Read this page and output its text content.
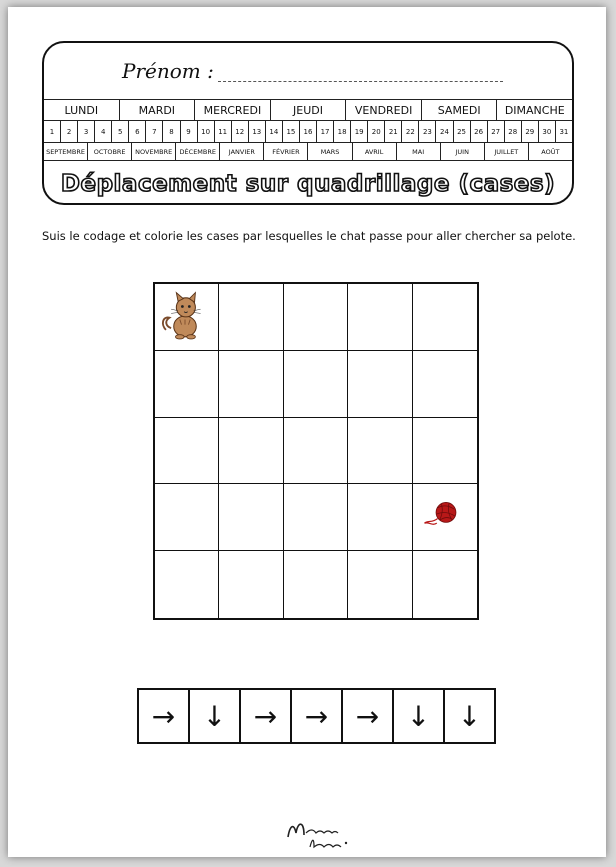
Prénom :
LUNDI	MARDI	MERCREDI	JEUDI	VENDREDI	SAMEDI	DIMANCHE
1	2	3	4	5	6	7	8	9	10	11	12	13	14	15	16	17	18	19	20	21	22	23	24	25	26	27	28	29	30	31
SEPTEMBRE	OCTOBRE	NOVEMBRE	DÉCEMBRE	JANVIER	FÉVRIER	MARS	AVRIL	MAI	JUIN	JUILLET	AOÛT
Déplacement sur quadrillage (cases)
Suis le codage et colorie les cases par lesquelles le chat passe pour aller chercher sa pelote.
→ ↓ → → → ↓ ↓
